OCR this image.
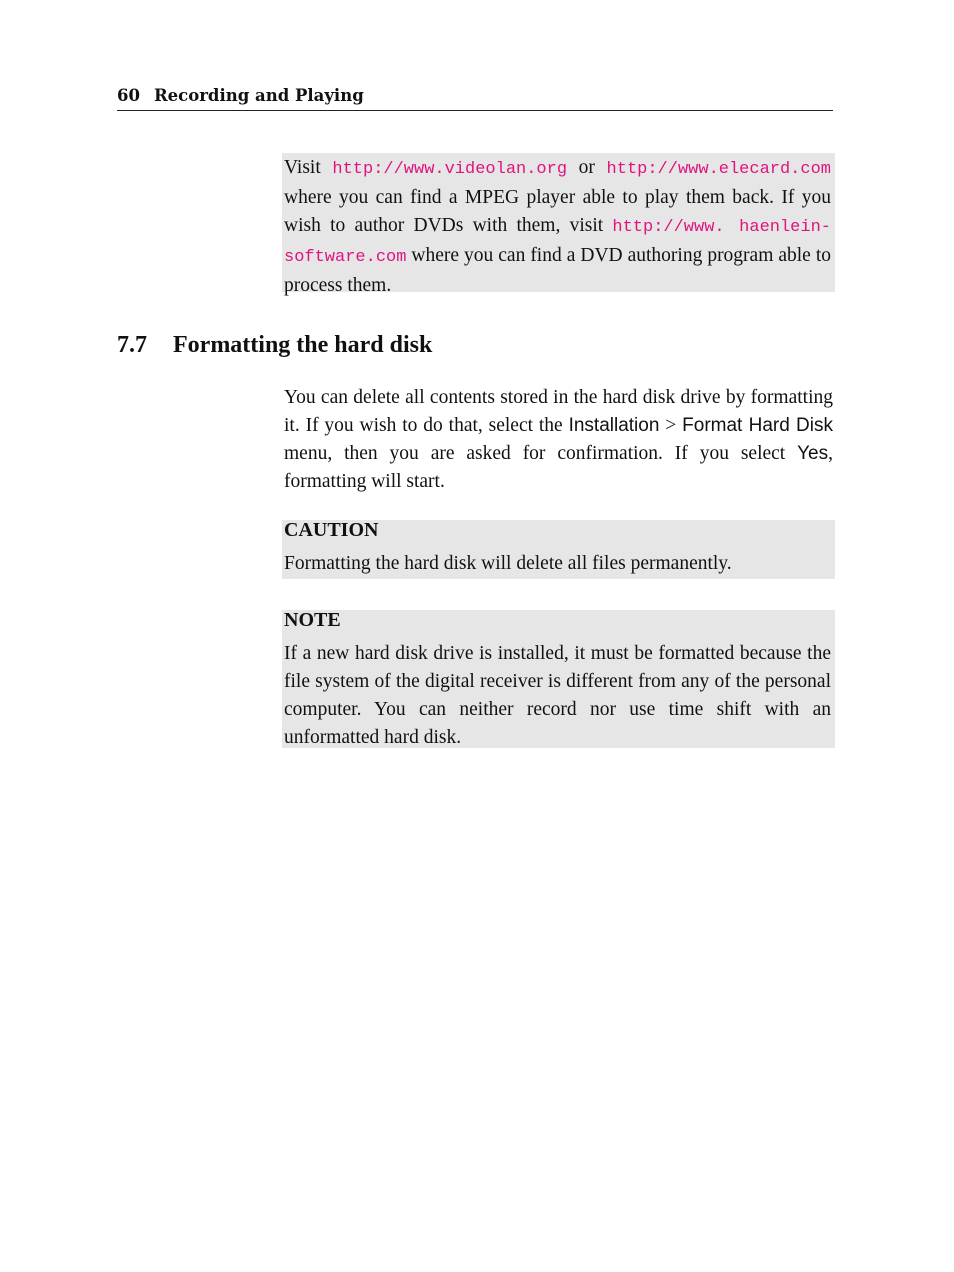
60 Recording and Playing

Visit http://www.videolan.org or http://www.elecard.com where you can find a MPEG player able to play them back. If you wish to author DVDs with them, visit http://www. haenlein-software.com where you can find a DVD authoring program able to process them.

7.7 Formatting the hard disk

You can delete all contents stored in the hard disk drive by formatting it. If you wish to do that, select the Installation > Format Hard Disk menu, then you are asked for confirmation. If you select Yes, formatting will start.

CAUTION

Formatting the hard disk will delete all files permanently.

NOTE

If a new hard disk drive is installed, it must be formatted because the file system of the digital receiver is different from any of the personal computer. You can neither record nor use time shift with an unformatted hard disk.
